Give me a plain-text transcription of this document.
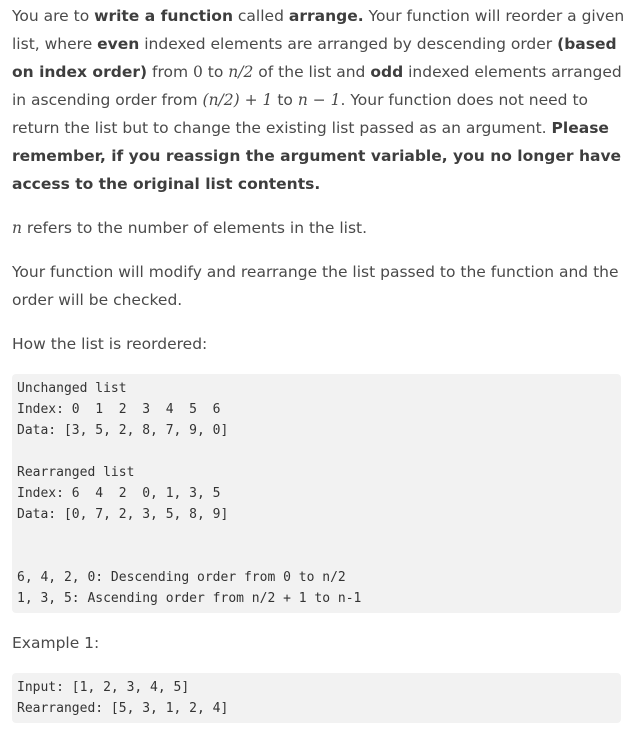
You are to write a function called arrange. Your function will reorder a given list, where even indexed elements are arranged by descending order (based on index order) from 0 to n/2 of the list and odd indexed elements arranged in ascending order from (n/2) + 1 to n − 1. Your function does not need to return the list but to change the existing list passed as an argument. Please remember, if you reassign the argument variable, you no longer have access to the original list contents.

n refers to the number of elements in the list.

Your function will modify and rearrange the list passed to the function and the order will be checked.

How the list is reordered:

Unchanged list
Index: 0  1  2  3  4  5  6
Data: [3, 5, 2, 8, 7, 9, 0]
Rearranged list
Index: 6  4  2  0, 1, 3, 5
Data: [0, 7, 2, 3, 5, 8, 9]
6, 4, 2, 0: Descending order from 0 to n/2
1, 3, 5: Ascending order from n/2 + 1 to n-1

Example 1:

Input: [1, 2, 3, 4, 5]
Rearranged: [5, 3, 1, 2, 4]
